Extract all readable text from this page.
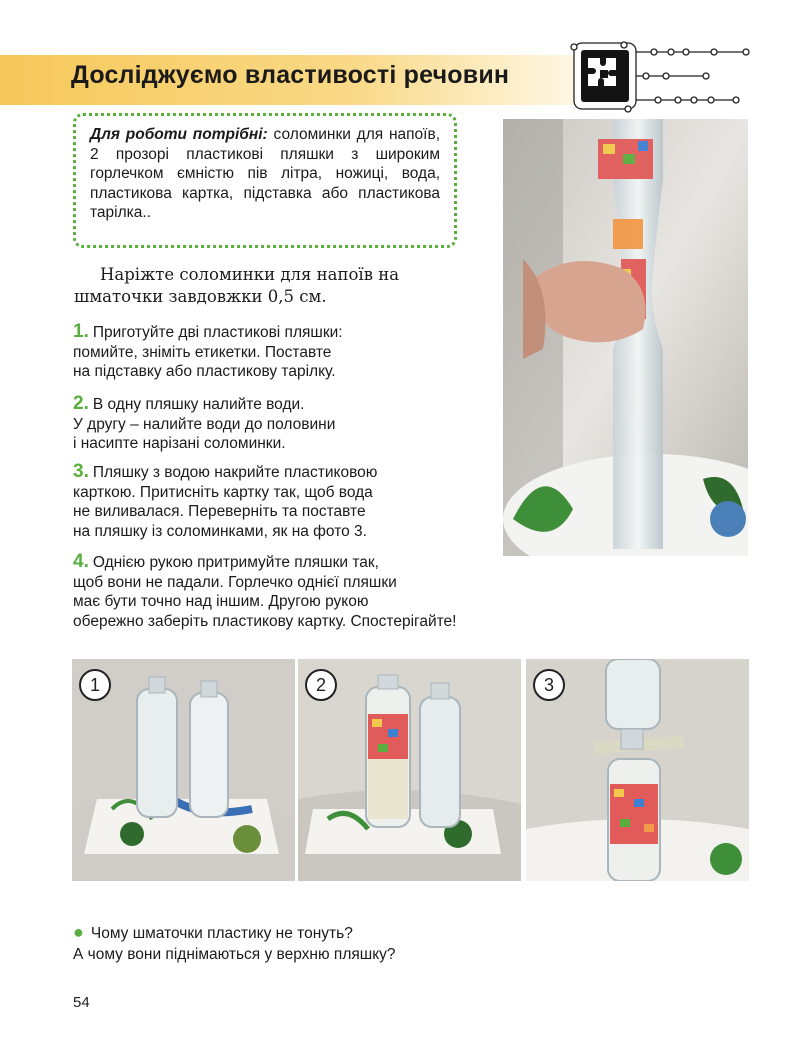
Досліджуємо властивості речовин

Для роботи потрібні: соломинки для напоїв, 2 прозорі пластикові пляшки з широким горлечком ємністю пів літра, ножиці, вода, пластикова картка, підставка або пластикова тарілка..

Наріжте соломинки для напоїв на шматочки завдовжки 0,5 см.

1. Приготуйте дві пластикові пляшки:
помийте, зніміть етикетки. Поставте
на підставку або пластикову тарілку.
2. В одну пляшку налийте води.
У другу – налийте води до половини
і насипте нарізані соломинки.
3. Пляшку з водою накрийте пластиковою
карткою. Притисніть картку так, щоб вода
не виливалася. Переверніть та поставте
на пляшку із соломинками, як на фото 3.
4. Однією рукою притримуйте пляшки так,
щоб вони не падали. Горлечко однієї пляшки
має бути точно над іншим. Другою рукою
обережно заберіть пластикову картку. Спостерігайте!
1	2	3

● Чому шматочки пластику не тонуть?
А чому вони піднімаються у верхню пляшку?

54
